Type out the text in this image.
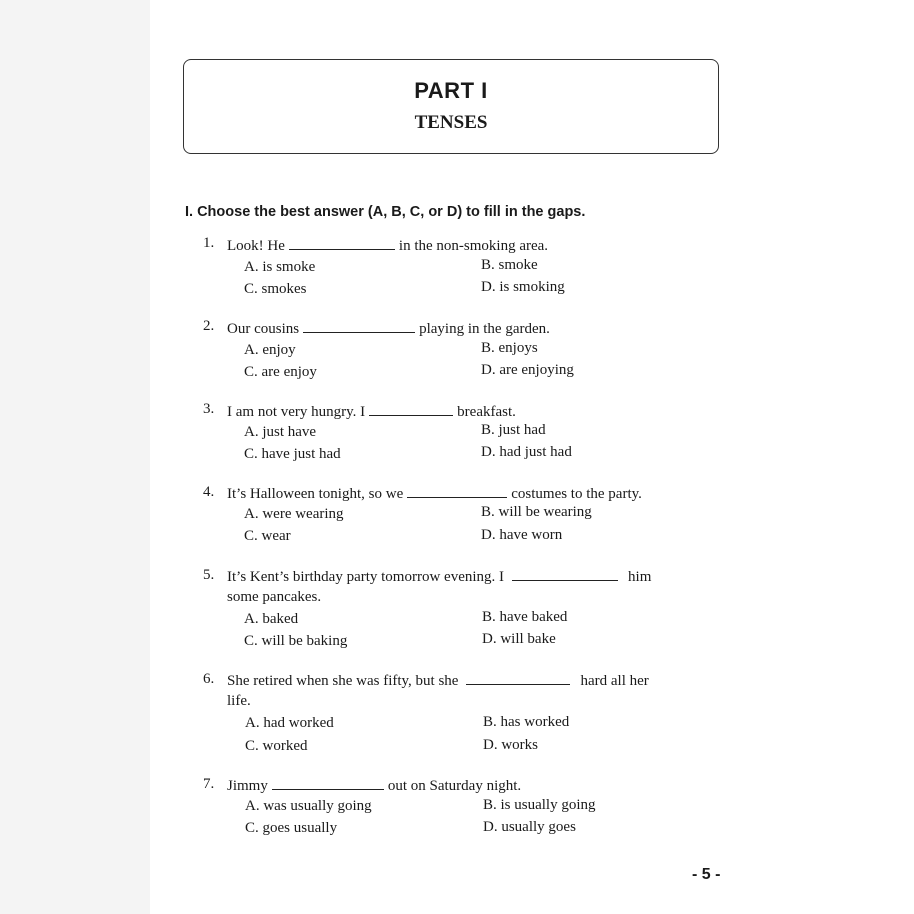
PART I
TENSES
I. Choose the best answer (A, B, C, or D) to fill in the gaps.
1. Look! He	in the non-smoking area.
A. is smoke	B. smoke
C. smokes	D. is smoking
2. Our cousins	playing in the garden.
A. enjoy	B. enjoys
C. are enjoy	D. are enjoying
3. I am not very hungry. I	breakfast.
A. just have	B. just had
C. have just had	D. had just had
4. It’s Halloween tonight, so we	costumes to the party.
A. were wearing	B. will be wearing
C. wear	D. have worn
5. It’s Kent’s birthday party tomorrow evening. I	him
some pancakes.
A. baked	B. have baked
C. will be baking	D. will bake
6. She retired when she was fifty, but she	hard all her
life.
A. had worked	B. has worked
C. worked	D. works
7. Jimmy	out on Saturday night.
A. was usually going	B. is usually going
C. goes usually	D. usually goes
- 5 -
